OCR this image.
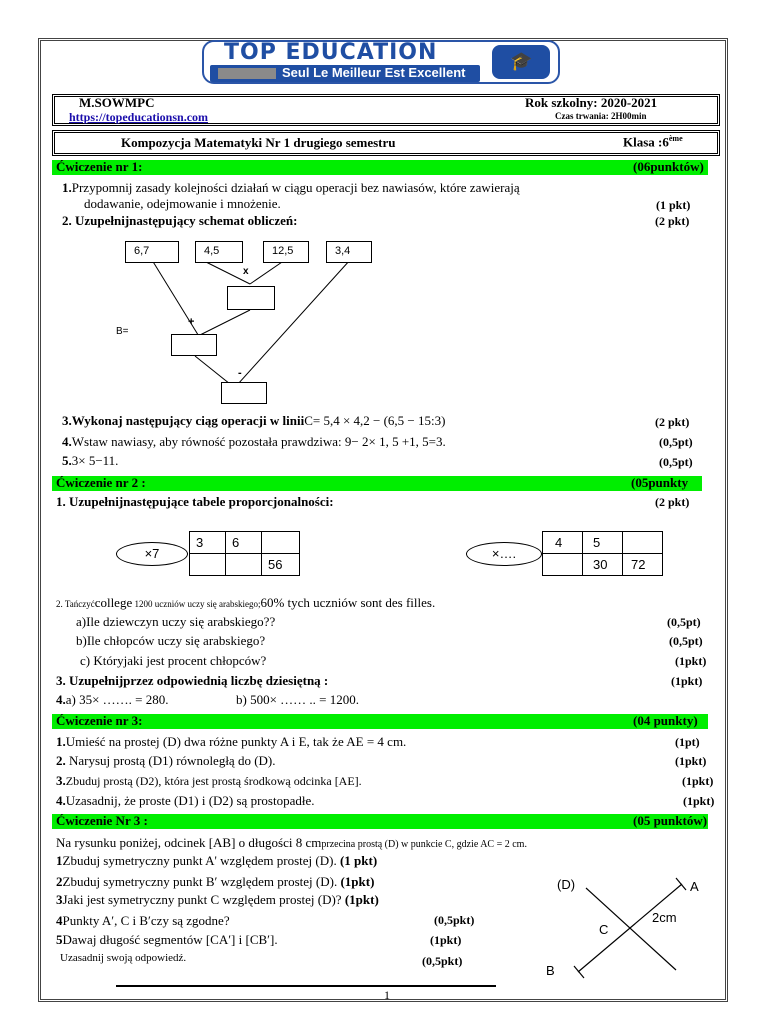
TOP EDUCATION
Seul Le Meilleur Est Excellent
🎓
M.SOWMPC
https://topeducationsn.com
Rok szkolny: 2020-2021
Czas trwania: 2H00min
Kompozycja Matematyki Nr 1 drugiego semestru	Klasa :6ème
Ćwiczenie nr 1:	(06punktów)
1.Przypomnij zasady kolejności działań w ciągu operacji bez nawiasów, które zawierają
dodawanie, odejmowanie i mnożenie.	(1 pkt)
2. Uzupełnijnastępujący schemat obliczeń:	(2 pkt)
6,7	4,5	12,5	3,4
x
+
B=
-
3.Wykonaj następujący ciąg operacji w liniiC= 5,4 × 4,2 − (6,5 − 15:3)	(2 pkt)
4.Wstaw nawiasy, aby równość pozostała prawdziwa: 9− 2× 1, 5 +1, 5=3.	(0,5pt)
5.3× 5−11.	(0,5pt)
Ćwiczenie nr 2 :	(05punkty
1. Uzupełnijnastępujące tabele proporcjonalności:	(2 pkt)
×7
3	6	
		56
×….
4	5	
	30	72
2. Tańczyćcollege 1200 uczniów uczy się arabskiego;60% tych uczniów sont des filles.
a)Ile dziewczyn uczy się arabskiego??	(0,5pt)
b)Ile chłopców uczy się arabskiego?	(0,5pt)
c) Któryjaki jest procent chłopców?	(1pkt)
3. Uzupełnijprzez odpowiednią liczbę dziesiętną :	(1pkt)
4.a) 35× ……. = 280.	b) 500× …… .. = 1200.
Ćwiczenie nr 3:	(04 punkty)
1.Umieść na prostej (D) dwa różne punkty A i E, tak że AE = 4 cm.	(1pt)
2. Narysuj prostą (D1) równoległą do (D).	(1pkt)
3.Zbuduj prostą (D2), która jest prostą środkową odcinka [AE].	(1pkt)
4.Uzasadnij, że proste (D1) i (D2) są prostopadłe.	(1pkt)
Ćwiczenie Nr 3 :	(05 punktów)
Na rysunku poniżej, odcinek [AB] o długości 8 cmprzecina prostą (D) w punkcie C, gdzie AC = 2 cm.
1Zbuduj symetryczny punkt A' względem prostej (D). (1 pkt)
2Zbuduj symetryczny punkt B′ względem prostej (D). (1pkt)
3Jaki jest symetryczny punkt C względem prostej (D)? (1pkt)
4Punkty A′, C i B′czy są zgodne?	(0,5pkt)
5Dawaj długość segmentów [CA′] i [CB′].	(1pkt)
Uzasadnij swoją odpowiedź.	(0,5pkt)
(D)	A
2cm
C
B
1
